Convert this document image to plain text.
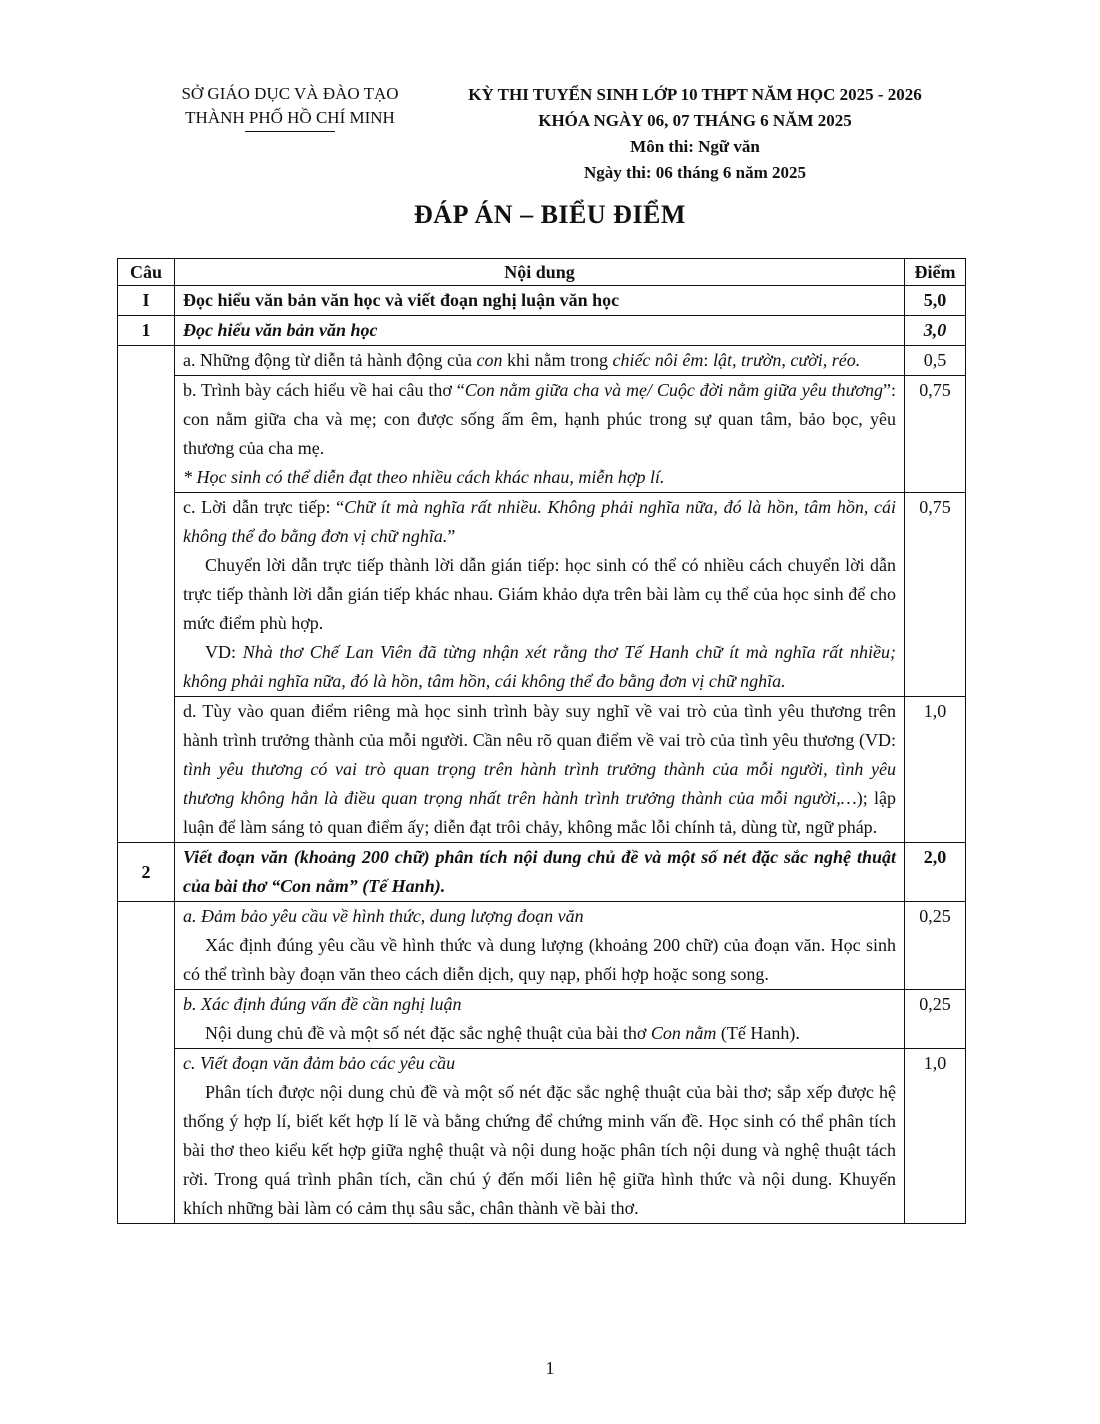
SỞ GIÁO DỤC VÀ ĐÀO TẠO
THÀNH PHỐ HỒ CHÍ MINH
KỲ THI TUYỂN SINH LỚP 10 THPT NĂM HỌC 2025 - 2026
KHÓA NGÀY 06, 07 THÁNG 6 NĂM 2025
Môn thi: Ngữ văn
Ngày thi: 06 tháng 6 năm 2025
ĐÁP ÁN – BIỂU ĐIỂM
Câu	Nội dung	Điểm
I	Đọc hiểu văn bản văn học và viết đoạn nghị luận văn học	5,0
1	Đọc hiểu văn bản văn học	3,0
	a. Những động từ diễn tả hành động của con khi nằm trong chiếc nôi êm: lật, trườn, cười, réo.	0,5

	b. Trình bày cách hiểu về hai câu thơ “Con nằm giữa cha và mẹ/ Cuộc đời nằm giữa yêu thương”: con nằm giữa cha và mẹ; con được sống ấm êm, hạnh phúc trong sự quan tâm, bảo bọc, yêu thương của cha mẹ.

* Học sinh có thể diễn đạt theo nhiều cách khác nhau, miễn hợp lí.	0,75

	c. Lời dẫn trực tiếp: “Chữ ít mà nghĩa rất nhiều. Không phải nghĩa nữa, đó là hồn, tâm hồn, cái không thể đo bằng đơn vị chữ nghĩa.”

Chuyển lời dẫn trực tiếp thành lời dẫn gián tiếp: học sinh có thể có nhiều cách chuyển lời dẫn trực tiếp thành lời dẫn gián tiếp khác nhau. Giám khảo dựa trên bài làm cụ thể của học sinh để cho mức điểm phù hợp.

VD: Nhà thơ Chế Lan Viên đã từng nhận xét rằng thơ Tế Hanh chữ ít mà nghĩa rất nhiều; không phải nghĩa nữa, đó là hồn, tâm hồn, cái không thể đo bằng đơn vị chữ nghĩa.	0,75
	d. Tùy vào quan điểm riêng mà học sinh trình bày suy nghĩ về vai trò của tình yêu thương trên hành trình trưởng thành của mỗi người. Cần nêu rõ quan điểm về vai trò của tình yêu thương (VD: tình yêu thương có vai trò quan trọng trên hành trình trưởng thành của mỗi người, tình yêu thương không hẳn là điều quan trọng nhất trên hành trình trưởng thành của mỗi người,…); lập luận để làm sáng tỏ quan điểm ấy; diễn đạt trôi chảy, không mắc lỗi chính tả, dùng từ, ngữ pháp.	1,0
2	Viết đoạn văn (khoảng 200 chữ) phân tích nội dung chủ đề và một số nét đặc sắc nghệ thuật của bài thơ “Con nằm” (Tế Hanh).	2,0

	a. Đảm bảo yêu cầu về hình thức, dung lượng đoạn văn

Xác định đúng yêu cầu về hình thức và dung lượng (khoảng 200 chữ) của đoạn văn. Học sinh có thể trình bày đoạn văn theo cách diễn dịch, quy nạp, phối hợp hoặc song song.	0,25

	b. Xác định đúng vấn đề cần nghị luận

Nội dung chủ đề và một số nét đặc sắc nghệ thuật của bài thơ Con nằm (Tế Hanh).	0,25

	c. Viết đoạn văn đảm bảo các yêu cầu

Phân tích được nội dung chủ đề và một số nét đặc sắc nghệ thuật của bài thơ; sắp xếp được hệ thống ý hợp lí, biết kết hợp lí lẽ và bằng chứng để chứng minh vấn đề. Học sinh có thể phân tích bài thơ theo kiểu kết hợp giữa nghệ thuật và nội dung hoặc phân tích nội dung và nghệ thuật tách rời. Trong quá trình phân tích, cần chú ý đến mối liên hệ giữa hình thức và nội dung. Khuyến khích những bài làm có cảm thụ sâu sắc, chân thành về bài thơ.	1,0
1
